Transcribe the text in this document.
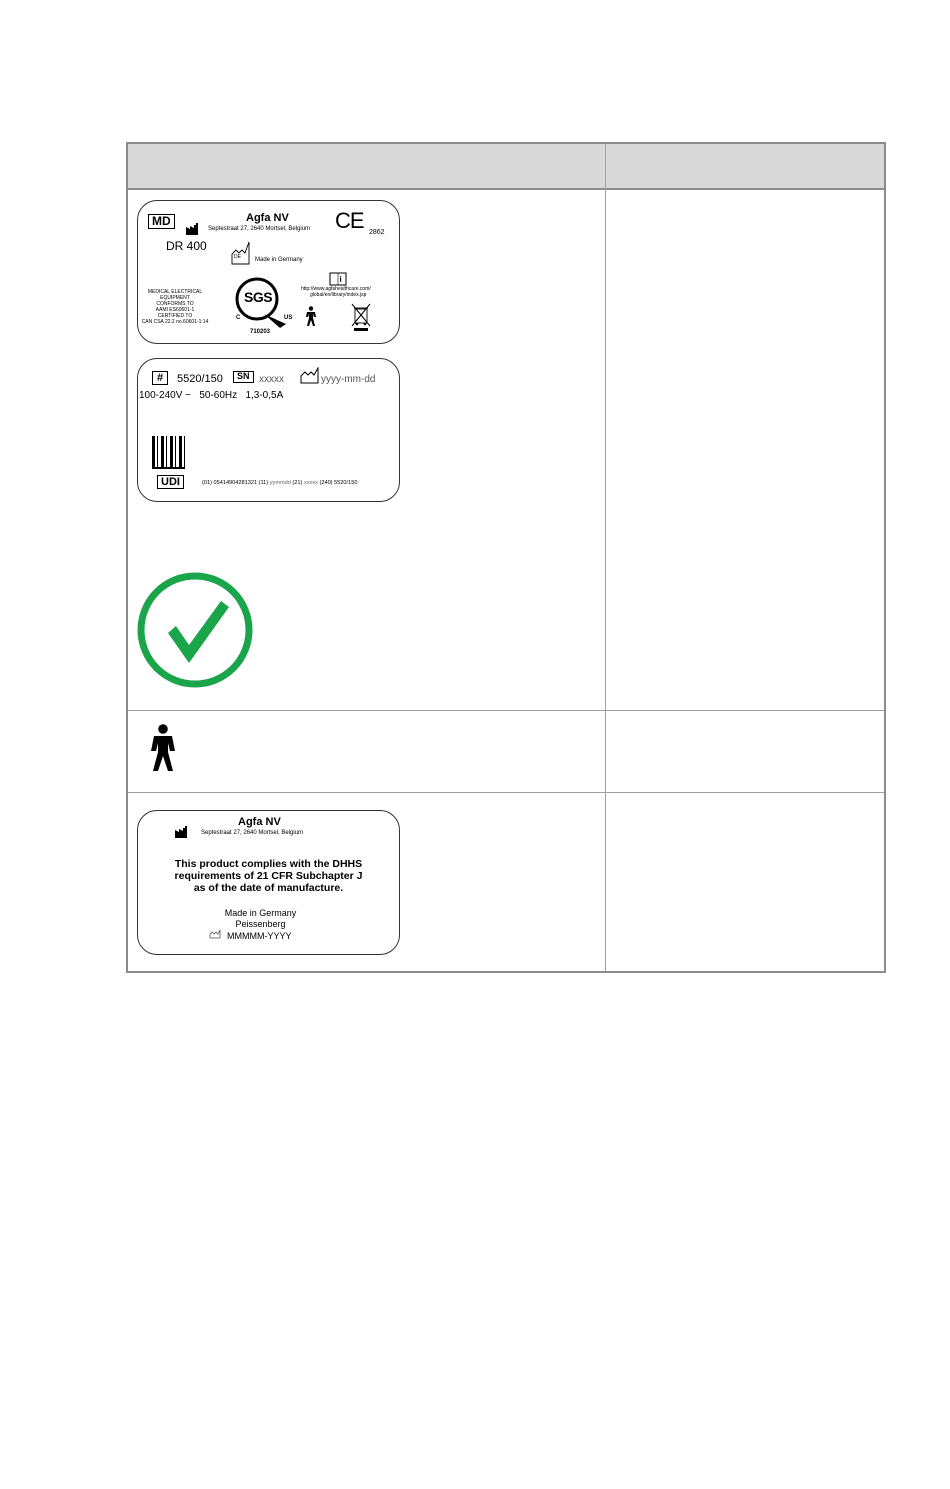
MD	Agfa NV
Septestraat 27, 2640 Mortsel, Belgium CE 2862
DR 400
DE Made in Germany
MEDICAL ELECTRICAL
EQUIPMENT
CONFORMS TO
AAMI ES60601-1
CERTIFIED TO
CAN CSA 22.2 no.60601-1:14
SGS
C	US
710203
i
http://www.agfahealthcare.com/
global/en/library/index.jsp
#	5520/150	SN xxxxx	yyyy-mm-dd
100-240V ~   50-60Hz   1,3-0,5A
UDI	(01) 05414904281321 (11) yymmdd (21) xxxxx (240) 5520/150
Agfa NV
Septestraat 27, 2640 Mortsel, Belgium
This product complies with the DHHS
requirements of 21 CFR Subchapter J
as of the date of manufacture.
Made in Germany
Peissenberg
MMMMM-YYYY
